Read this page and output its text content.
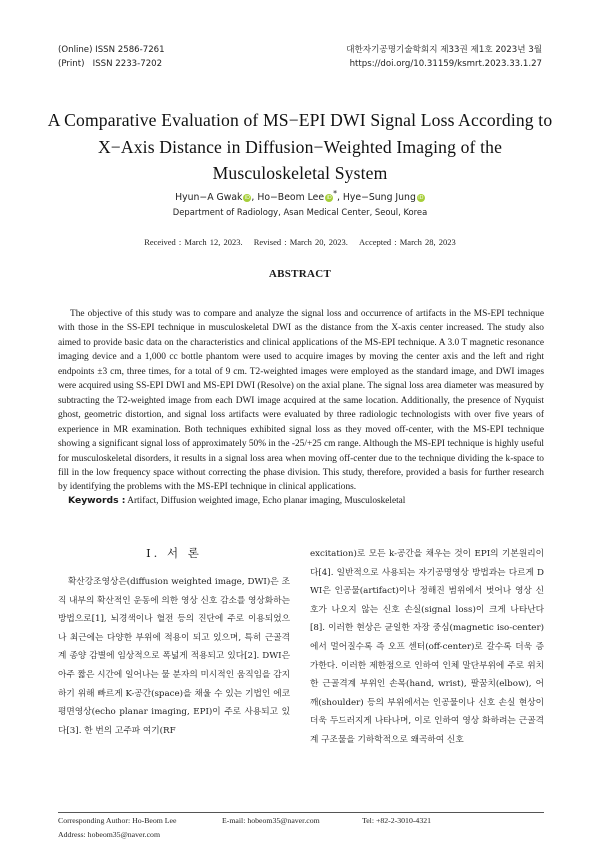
(Online) ISSN 2586-7261
(Print)   ISSN 2233-7202
대한자기공명기술학회지 제33권 제1호 2023년 3월
https://doi.org/10.31159/ksmrt.2023.33.1.27
A Comparative Evaluation of MS−EPI DWI Signal Loss According to
X−Axis Distance in Diffusion−Weighted Imaging of the
Musculoskeletal System
Hyun−A Gwak iD, Ho−Beom Lee iD*, Hye−Sung Jung iD
Department of Radiology, Asan Medical Center, Seoul, Korea
Received : March 12, 2023. Revised : March 20, 2023. Accepted : March 28, 2023
ABSTRACT

The objective of this study was to compare and analyze the signal loss and occurrence of artifacts in the MS-EPI technique with those in the SS-EPI technique in musculoskeletal DWI as the distance from the X-axis center increased. The study also aimed to provide basic data on the characteristics and clinical applications of the MS-EPI technique. A 3.0 T magnetic resonance imaging device and a 1,000 cc bottle phantom were used to acquire images by moving the center axis and the left and right endpoints ±3 cm, three times, for a total of 9 cm. T2-weighted images were employed as the standard image, and DWI images were acquired using SS-EPI DWI and MS-EPI DWI (Resolve) on the axial plane. The signal loss area diameter was measured by subtracting the T2-weighted image from each DWI image acquired at the same location. Additionally, the presence of Nyquist ghost, geometric distortion, and signal loss artifacts were evaluated by three radiologic technologists with over five years of experience in MR examination. Both techniques exhibited signal loss as they moved off-center, with the MS-EPI technique showing a significant signal loss of approximately 50% in the -25/+25 cm range. Although the MS-EPI technique is highly useful for musculoskeletal disorders, it results in a signal loss area when moving off-center due to the technique dividing the k-space to fill in the low frequency space without correcting the phase division. This study, therefore, provided a basis for further research by identifying the problems with the MS-EPI technique in clinical applications.

Keywords : Artifact, Diffusion weighted image, Echo planar imaging, Musculoskeletal
Ⅰ. 서 론

확산강조영상은(diffusion weighted image, DWI)은 조직 내부의 확산적인 운동에 의한 영상 신호 감소를 영상화하는 방법으로[1], 뇌경색이나 혈전 등의 진단에 주로 이용되었으나 최근에는 다양한 부위에 적용이 되고 있으며, 특히 근골격계 종양 감별에 임상적으로 폭넓게 적용되고 있다[2]. DWI은 아주 짧은 시간에 일어나는 물 분자의 미시적인 움직임을 감지하기 위해 빠르게 K-공간(space)을 채울 수 있는 기법인 에코평면영상(echo planar imaging, EPI)이 주로 사용되고 있다[3]. 한 번의 고주파 여기(RF

excitation)로 모든 k-공간을 채우는 것이 EPI의 기본원리이다[4]. 일반적으로 사용되는 자기공명영상 방법과는 다르게 DWI은 인공물(artifact)이나 정해진 범위에서 벗어나 영상 신호가 나오지 않는 신호 손실(signal loss)이 크게 나타난다[8]. 이러한 현상은 균일한 자장 중심(magnetic iso-center)에서 멀어질수록 즉 오프 센터(off-center)로 갈수록 더욱 증가한다. 이러한 제한점으로 인하여 인체 말단부위에 주로 위치한 근골격계 부위인 손목(hand, wrist), 팔꿈치(elbow), 어깨(shoulder) 등의 부위에서는 인공물이나 신호 손실 현상이 더욱 두드러지게 나타나며, 이로 인하여 영상 화하려는 근골격계 구조물을 기하학적으로 왜곡하여 신호

Corresponding Author: Ho-Beom Lee	E-mail: hobeom35@naver.com	Tel: +82-2-3010-4321
Address: hobeom35@naver.com
